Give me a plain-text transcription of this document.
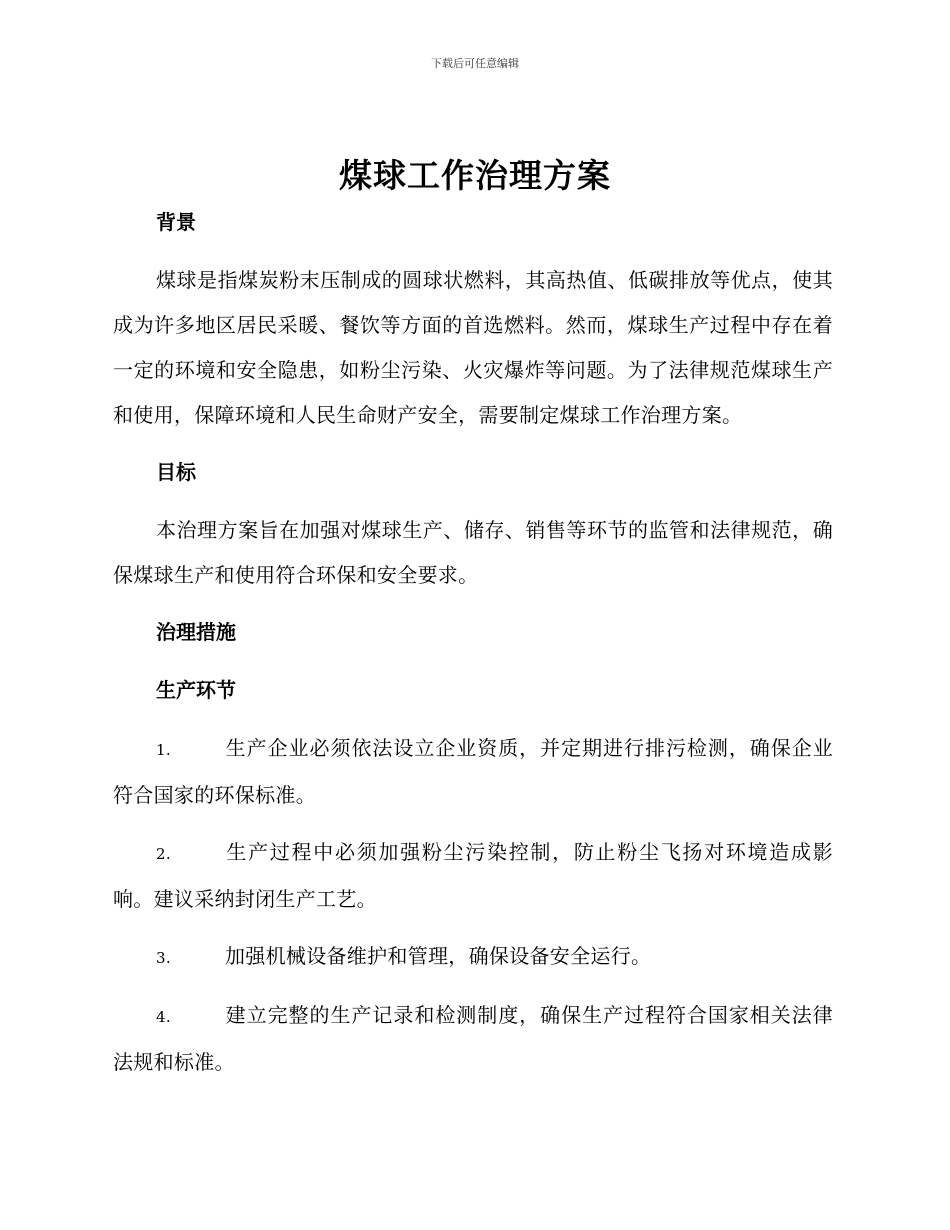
下载后可任意编辑
煤球工作治理方案
背景

煤球是指煤炭粉末压制成的圆球状燃料，其高热值、低碳排放等优点，使其成为许多地区居民采暖、餐饮等方面的首选燃料。然而，煤球生产过程中存在着一定的环境和安全隐患，如粉尘污染、火灾爆炸等问题。为了法律规范煤球生产和使用，保障环境和人民生命财产安全，需要制定煤球工作治理方案。

目标

本治理方案旨在加强对煤球生产、储存、销售等环节的监管和法律规范，确保煤球生产和使用符合环保和安全要求。

治理措施
生产环节

1.	生产企业必须依法设立企业资质，并定期进行排污检测，确保企业符合国家的环保标准。

2.	生产过程中必须加强粉尘污染控制，防止粉尘飞扬对环境造成影响。建议采纳封闭生产工艺。

3.	加强机械设备维护和管理，确保设备安全运行。

4.	建立完整的生产记录和检测制度，确保生产过程符合国家相关法律法规和标准。
